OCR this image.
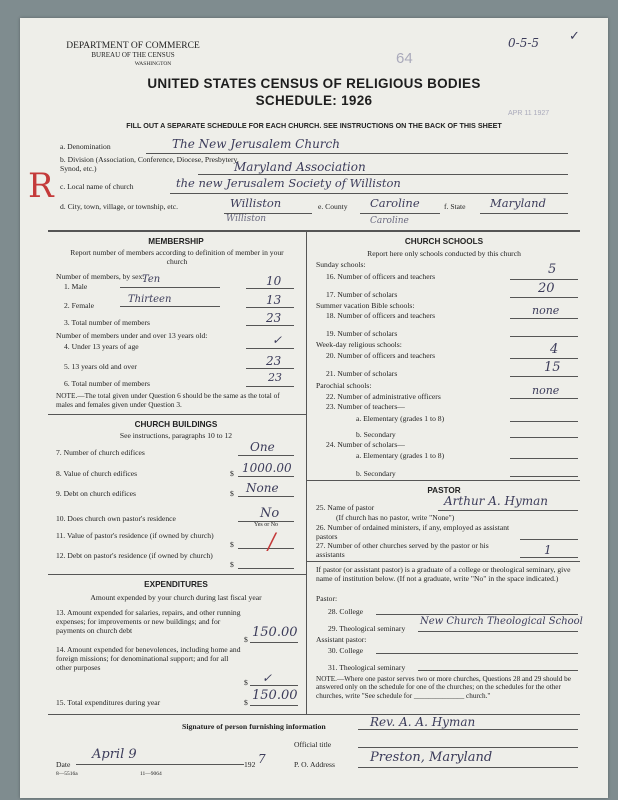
DEPARTMENT OF COMMERCE
BUREAU OF THE CENSUS
WASHINGTON	64
0-5-5 ✓
APR 11 1927
UNITED STATES CENSUS OF RELIGIOUS BODIES
SCHEDULE: 1926
FILL OUT A SEPARATE SCHEDULE FOR EACH CHURCH. SEE INSTRUCTIONS ON THE BACK OF THIS SHEET
a. Denomination	The New Jerusalem Church
b. Division (Association, Conference, Diocese, Presbytery, Synod, etc.)	Maryland Association
R c. Local name of church	the new Jerusalem Society of Williston
d. City, town, village, or township, etc.	Williston	e. County Caroline	f. State Maryland
Williston	Caroline
MEMBERSHIP
Report number of members according to definition of member in your church
Number of members, by sex:
1. Male
Ten	10
2. Female
Thirteen	13
3. Total number of members	23
Number of members under and over 13 years old:
4. Under 13 years of age	✓
5. 13 years old and over	23
6. Total number of members	23
NOTE.—The total given under Question 6 should be the same as the total of males and females given under Question 3.
CHURCH BUILDINGS
See instructions, paragraphs 10 to 12
7. Number of church edifices	One
8. Value of church edifices	$ 1000.00
9. Debt on church edifices	$ None
10. Does church own pastor's residence	No
Yes or No
11. Value of pastor's residence (if owned by church)
$ /
12. Debt on pastor's residence (if owned by church)
$
EXPENDITURES
Amount expended by your church during last fiscal year
13. Amount expended for salaries, repairs, and other running expenses; for improvements or new buildings; and for payments on church debt
$ 150.00
14. Amount expended for benevolences, including home and foreign missions; for denominational support; and for all other purposes
$ ✓
15. Total expenditures during year	$ 150.00
CHURCH SCHOOLS
Report here only schools conducted by this church
Sunday schools:
16. Number of officers and teachers	5
17. Number of scholars	20
Summer vacation Bible schools:
18. Number of officers and teachers	none
19. Number of scholars
Week-day religious schools:
20. Number of officers and teachers	4
21. Number of scholars	15
Parochial schools:
22. Number of administrative officers	none
23. Number of teachers—
a. Elementary (grades 1 to 8)
b. Secondary
24. Number of scholars—
a. Elementary (grades 1 to 8)
b. Secondary
PASTOR
25. Name of pastor	Arthur A. Hyman
(If church has no pastor, write "None")
26. Number of ordained ministers, if any, employed as assistant pastors
27. Number of other churches served by the pastor or his assistants	1
If pastor (or assistant pastor) is a graduate of a college or theological seminary, give name of institution below. (If not a graduate, write "No" in the space indicated.)
Pastor:
28. College
29. Theological seminary
New Church Theological School
Assistant pastor:
30. College
31. Theological seminary
NOTE.—Where one pastor serves two or more churches, Questions 28 and 29 should be answered only on the schedule for one of the churches; on the schedules for the other churches, write "See schedule for ______________ church."
Signature of person furnishing information	Rev. A. A. Hyman
Official title
Date
April 9
192 7	P. O. Address	Preston, Maryland
8—5516a	11—9064
